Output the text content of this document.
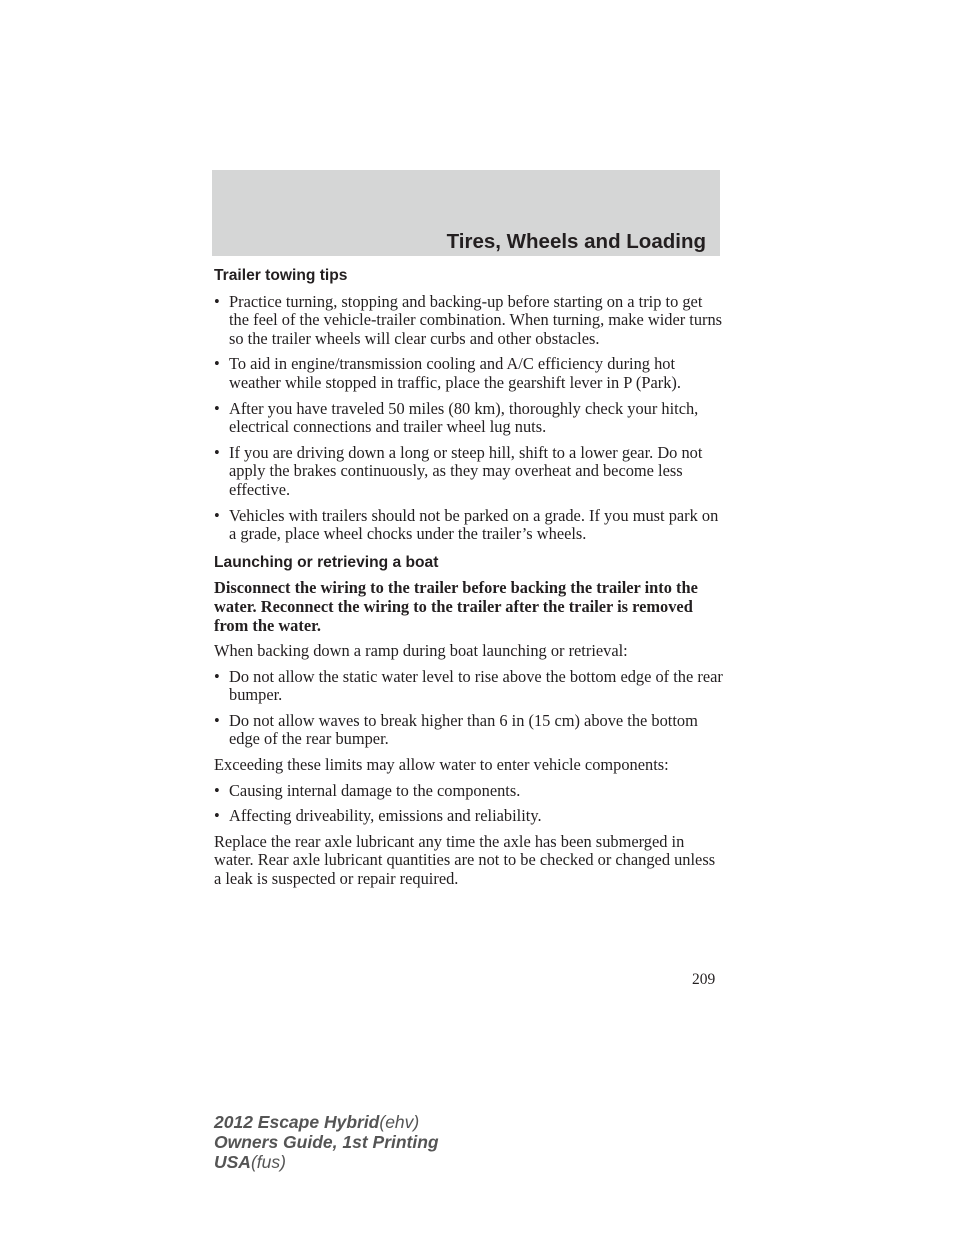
Tires, Wheels and Loading
Trailer towing tips
• Practice turning, stopping and backing-up before starting on a trip to get the feel of the vehicle-trailer combination. When turning, make wider turns so the trailer wheels will clear curbs and other obstacles.
• To aid in engine/transmission cooling and A/C efficiency during hot weather while stopped in traffic, place the gearshift lever in P (Park).
• After you have traveled 50 miles (80 km), thoroughly check your hitch, electrical connections and trailer wheel lug nuts.
• If you are driving down a long or steep hill, shift to a lower gear. Do not apply the brakes continuously, as they may overheat and become less effective.
• Vehicles with trailers should not be parked on a grade. If you must park on a grade, place wheel chocks under the trailer’s wheels.
Launching or retrieving a boat

Disconnect the wiring to the trailer before backing the trailer into the water. Reconnect the wiring to the trailer after the trailer is removed from the water.

When backing down a ramp during boat launching or retrieval:

• Do not allow the static water level to rise above the bottom edge of the rear bumper.
• Do not allow waves to break higher than 6 in (15 cm) above the bottom edge of the rear bumper.

Exceeding these limits may allow water to enter vehicle components:

• Causing internal damage to the components.
• Affecting driveability, emissions and reliability.

Replace the rear axle lubricant any time the axle has been submerged in water. Rear axle lubricant quantities are not to be checked or changed unless a leak is suspected or repair required.

209
2012 Escape Hybrid(ehv)
Owners Guide, 1st Printing
USA(fus)
